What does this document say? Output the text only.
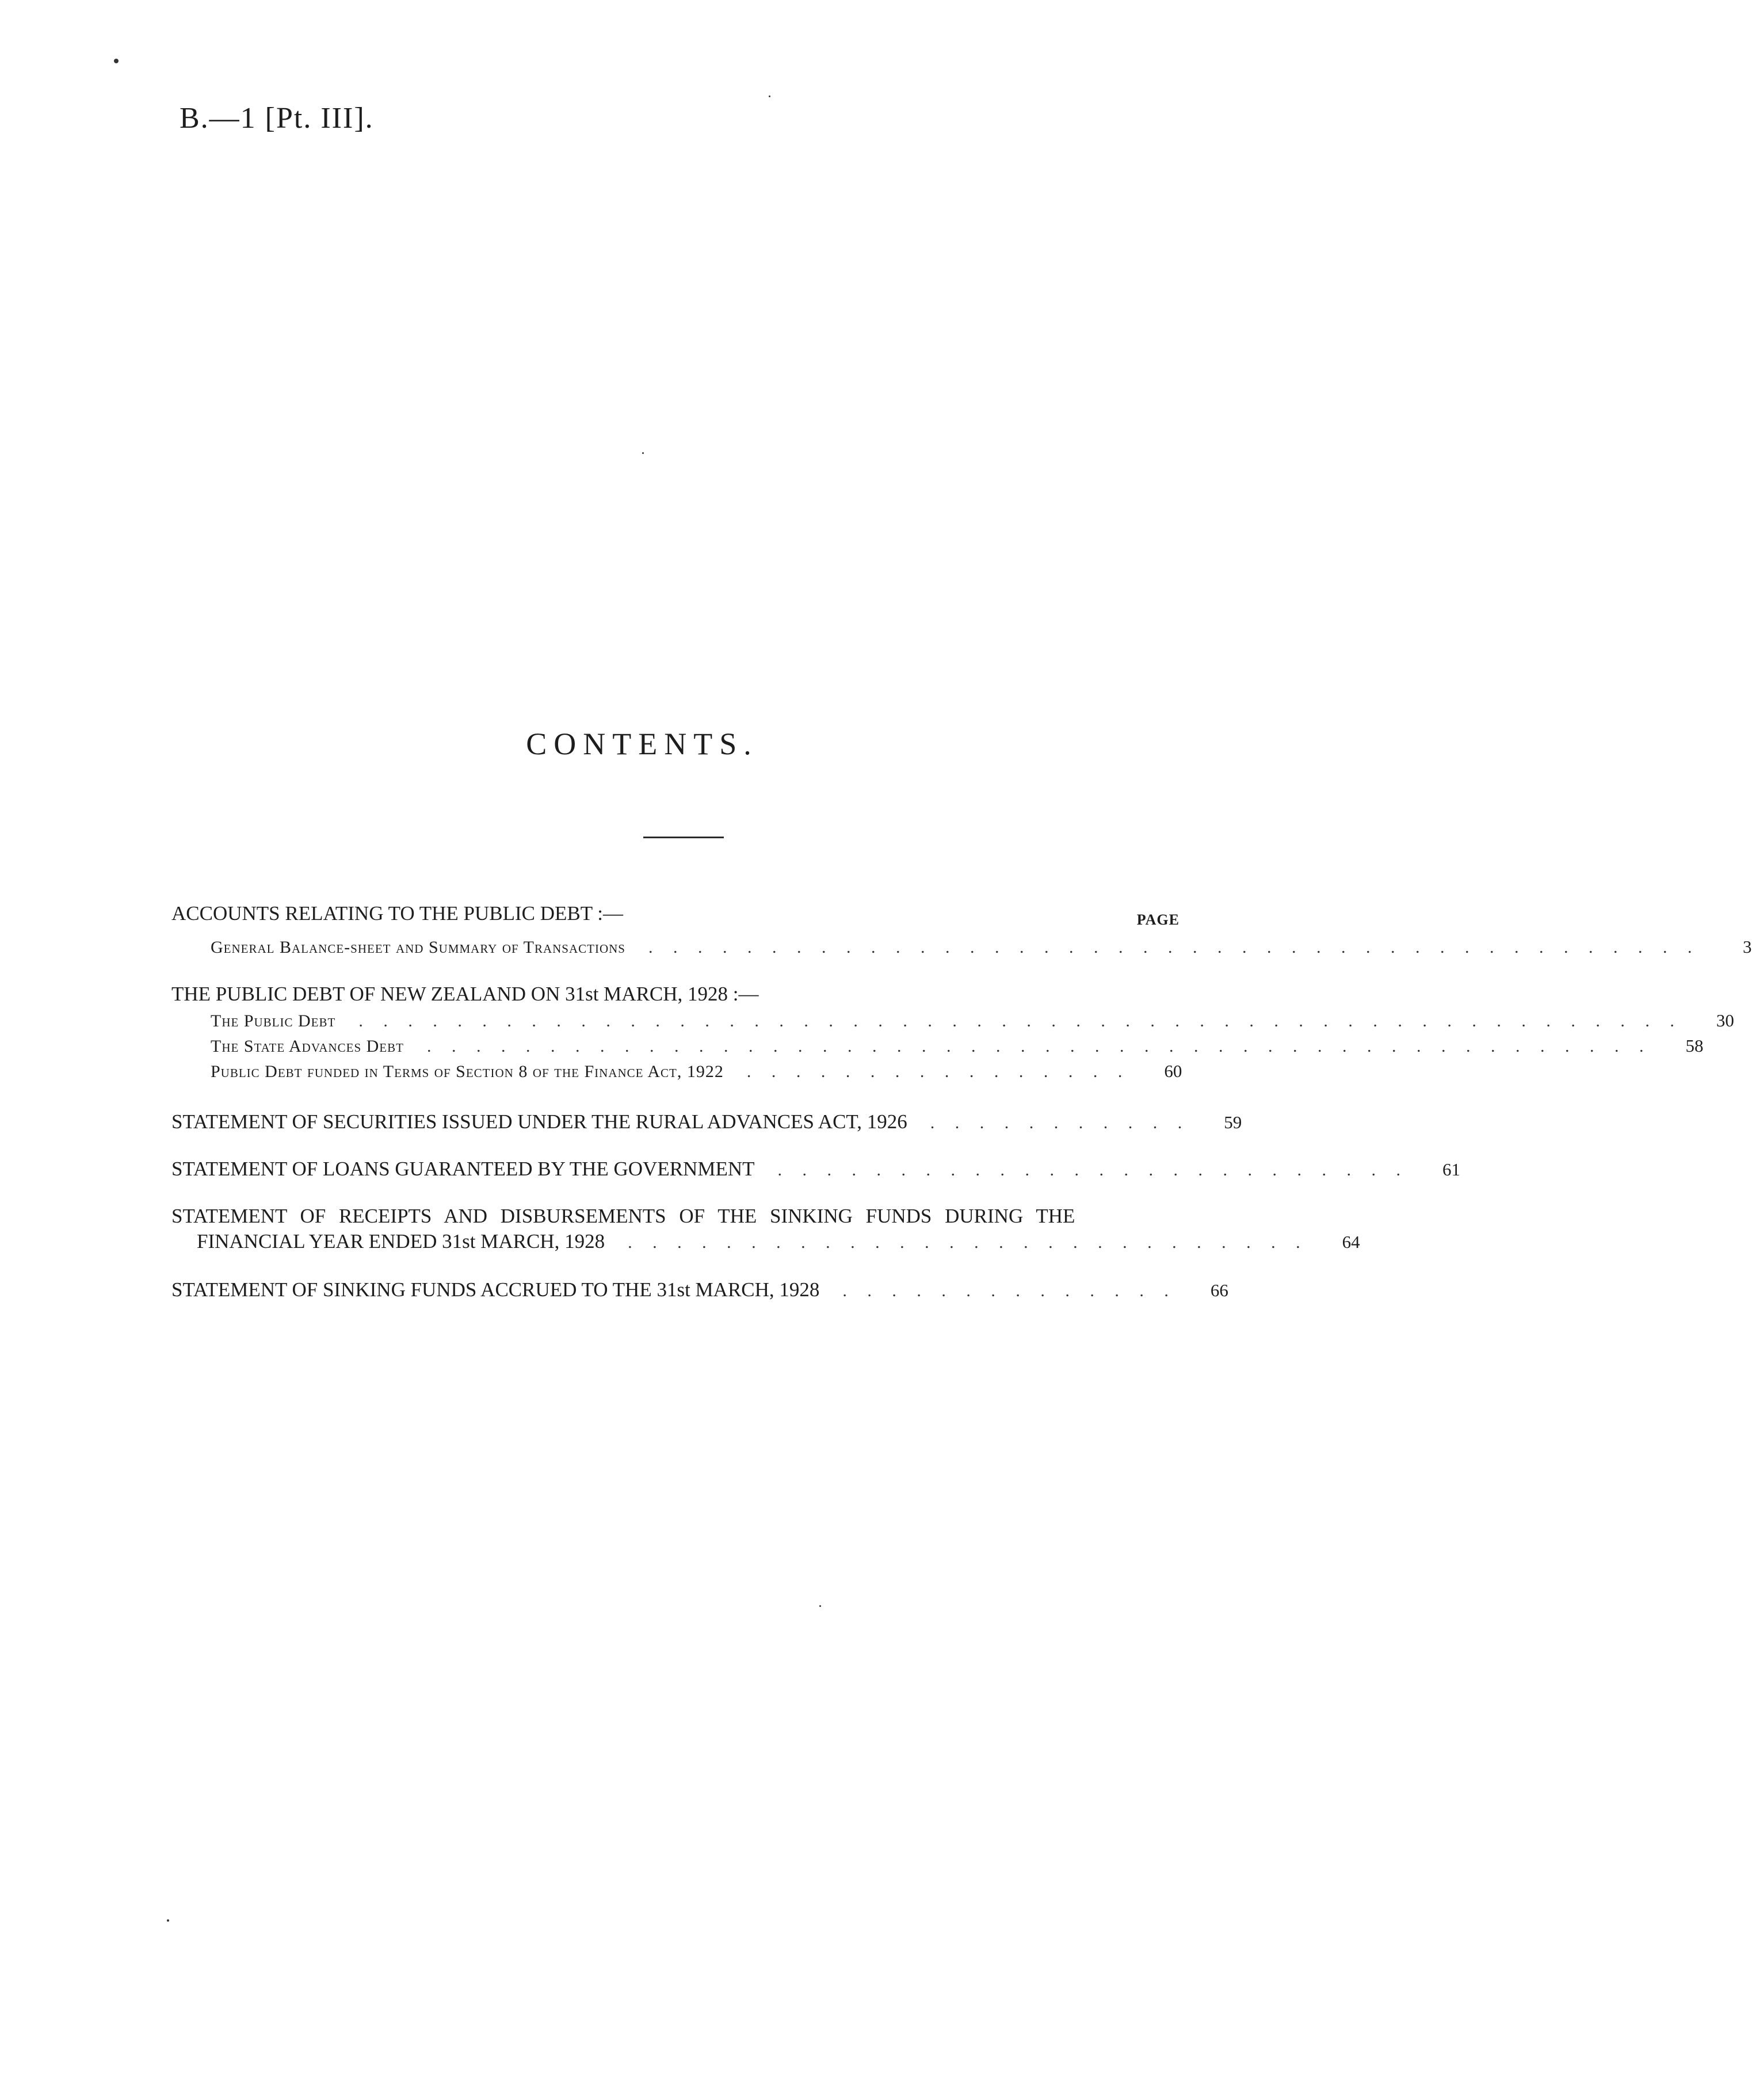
B.—1 [Pt. III].
CONTENTS.
PAGE
ACCOUNTS RELATING TO THE PUBLIC DEBT :—
General Balance-sheet and Summary of Transactions	. . . . . . . . . . . . . . . . . . . . . . . . . . . . . . . . . . . . . . . . . . .	3
THE PUBLIC DEBT OF NEW ZEALAND ON 31st MARCH, 1928 :—
The Public Debt	. . . . . . . . . . . . . . . . . . . . . . . . . . . . . . . . . . . . . . . . . . . . . . . . . . . . . .	30
The State Advances Debt	. . . . . . . . . . . . . . . . . . . . . . . . . . . . . . . . . . . . . . . . . . . . . . . . . .	58
Public Debt funded in Terms of Section 8 of the Finance Act, 1922	. . . . . . . . . . . . . . . .	60
STATEMENT OF SECURITIES ISSUED UNDER THE RURAL ADVANCES ACT, 1926	. . . . . . . . . . .	59
STATEMENT OF LOANS GUARANTEED BY THE GOVERNMENT	. . . . . . . . . . . . . . . . . . . . . . . . . .	61
STATEMENT OF RECEIPTS AND DISBURSEMENTS OF THE SINKING FUNDS DURING THE
FINANCIAL YEAR ENDED 31st MARCH, 1928	. . . . . . . . . . . . . . . . . . . . . . . . . . . .	64
STATEMENT OF SINKING FUNDS ACCRUED TO THE 31st MARCH, 1928	. . . . . . . . . . . . . .	66
